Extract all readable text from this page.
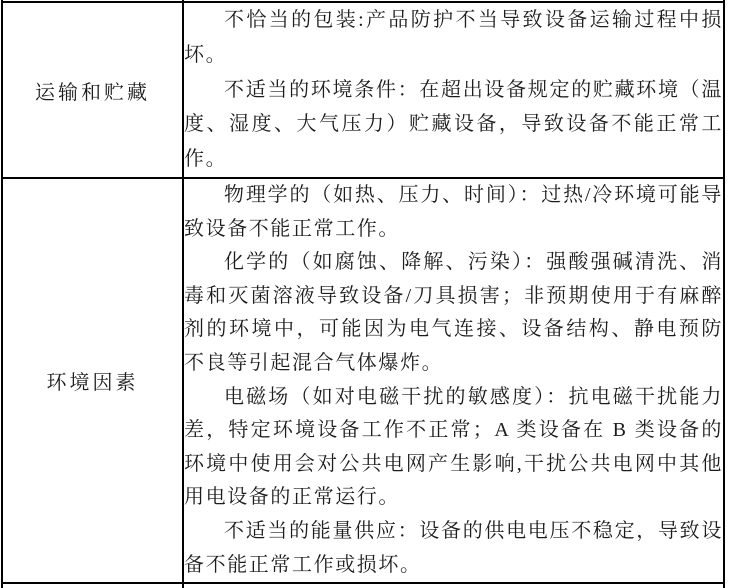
运输和贮藏	不恰当的包装:产品防护不当导致设备运输过程中损坏。

不适当的环境条件：在超出设备规定的贮藏环境（温度、湿度、大气压力）贮藏设备，导致设备不能正常工作。

环境因素	物理学的（如热、压力、时间）：过热/冷环境可能导致设备不能正常工作。

化学的（如腐蚀、降解、污染）：强酸强碱清洗、消毒和灭菌溶液导致设备/刀具损害；非预期使用于有麻醉剂的环境中，可能因为电气连接、设备结构、静电预防不良等引起混合气体爆炸。

电磁场（如对电磁干扰的敏感度）：抗电磁干扰能力差，特定环境设备工作不正常；A 类设备在 B 类设备的环境中使用会对公共电网产生影响,干扰公共电网中其他用电设备的正常运行。

不适当的能量供应：设备的供电电压不稳定，导致设备不能正常工作或损坏。
